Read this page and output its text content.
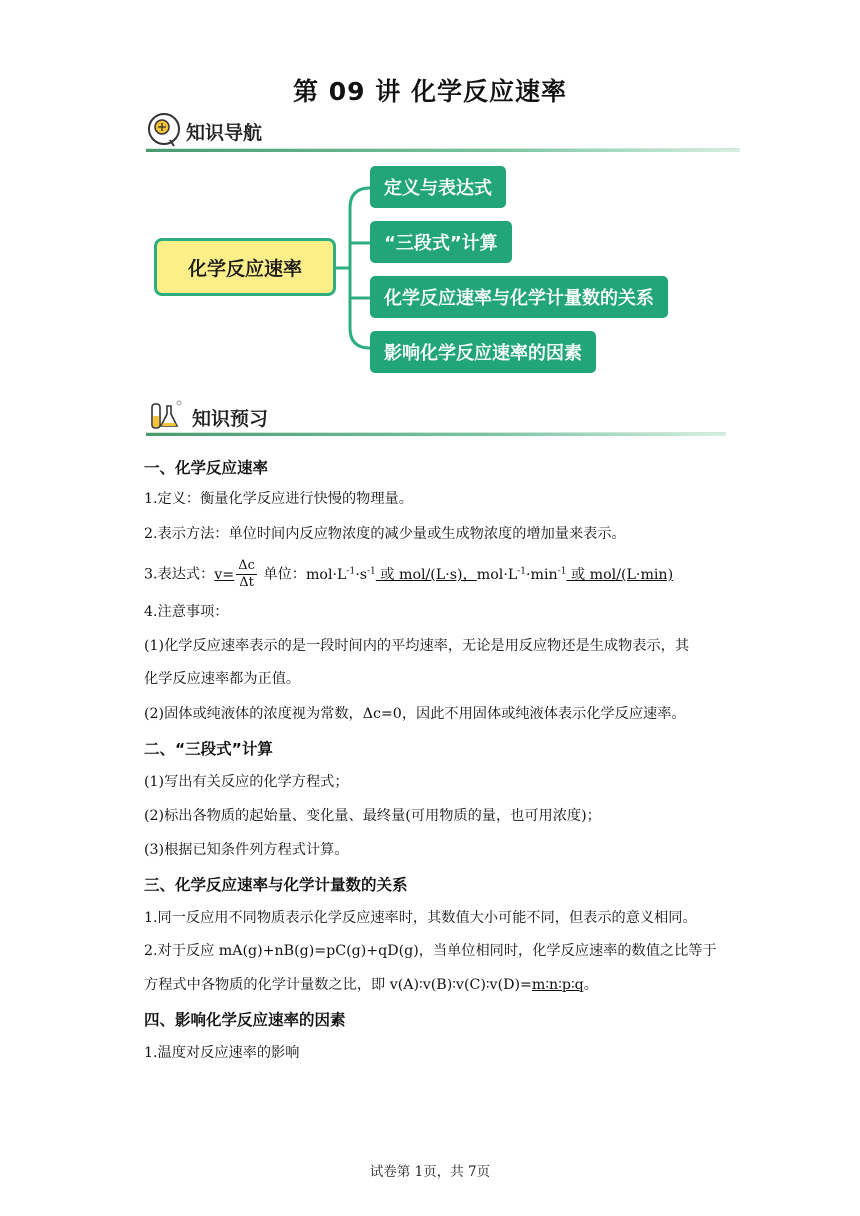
第 09 讲 化学反应速率
知识导航
化学反应速率
定义与表达式
“三段式”计算
化学反应速率与化学计量数的关系
影响化学反应速率的因素
知识预习
一、化学反应速率
1.定义：衡量化学反应进行快慢的物理量。
2.表示方法：单位时间内反应物浓度的减少量或生成物浓度的增加量来表示。
3.表达式：$v= \frac{\Delta c}{\Delta t}$ 单位：$mol\cdot L^{-1}\cdot s^{-1}$ 或 mol/(L·s)，$mol\cdot L^{-1}\cdot\min^{-1}$ 或 mol/(L·min)
4.注意事项：
(1)化学反应速率表示的是一段时间内的平均速率，无论是用反应物还是生成物表示，其
化学反应速率都为正值。
(2)固体或纯液体的浓度视为常数，Δc=0，因此不用固体或纯液体表示化学反应速率。
二、“三段式”计算
(1)写出有关反应的化学方程式；
(2)标出各物质的起始量、变化量、最终量(可用物质的量，也可用浓度)；
(3)根据已知条件列方程式计算。
三、化学反应速率与化学计量数的关系
1.同一反应用不同物质表示化学反应速率时，其数值大小可能不同，但表示的意义相同。
2.对于反应 mA(g)+nB(g)=pC(g)+qD(g)，当单位相同时，化学反应速率的数值之比等于
方程式中各物质的化学计量数之比，即 v(A)∶v(B)∶v(C)∶v(D)=m∶n∶p∶q。
四、影响化学反应速率的因素
1.温度对反应速率的影响
试卷第 1页，共 7页
